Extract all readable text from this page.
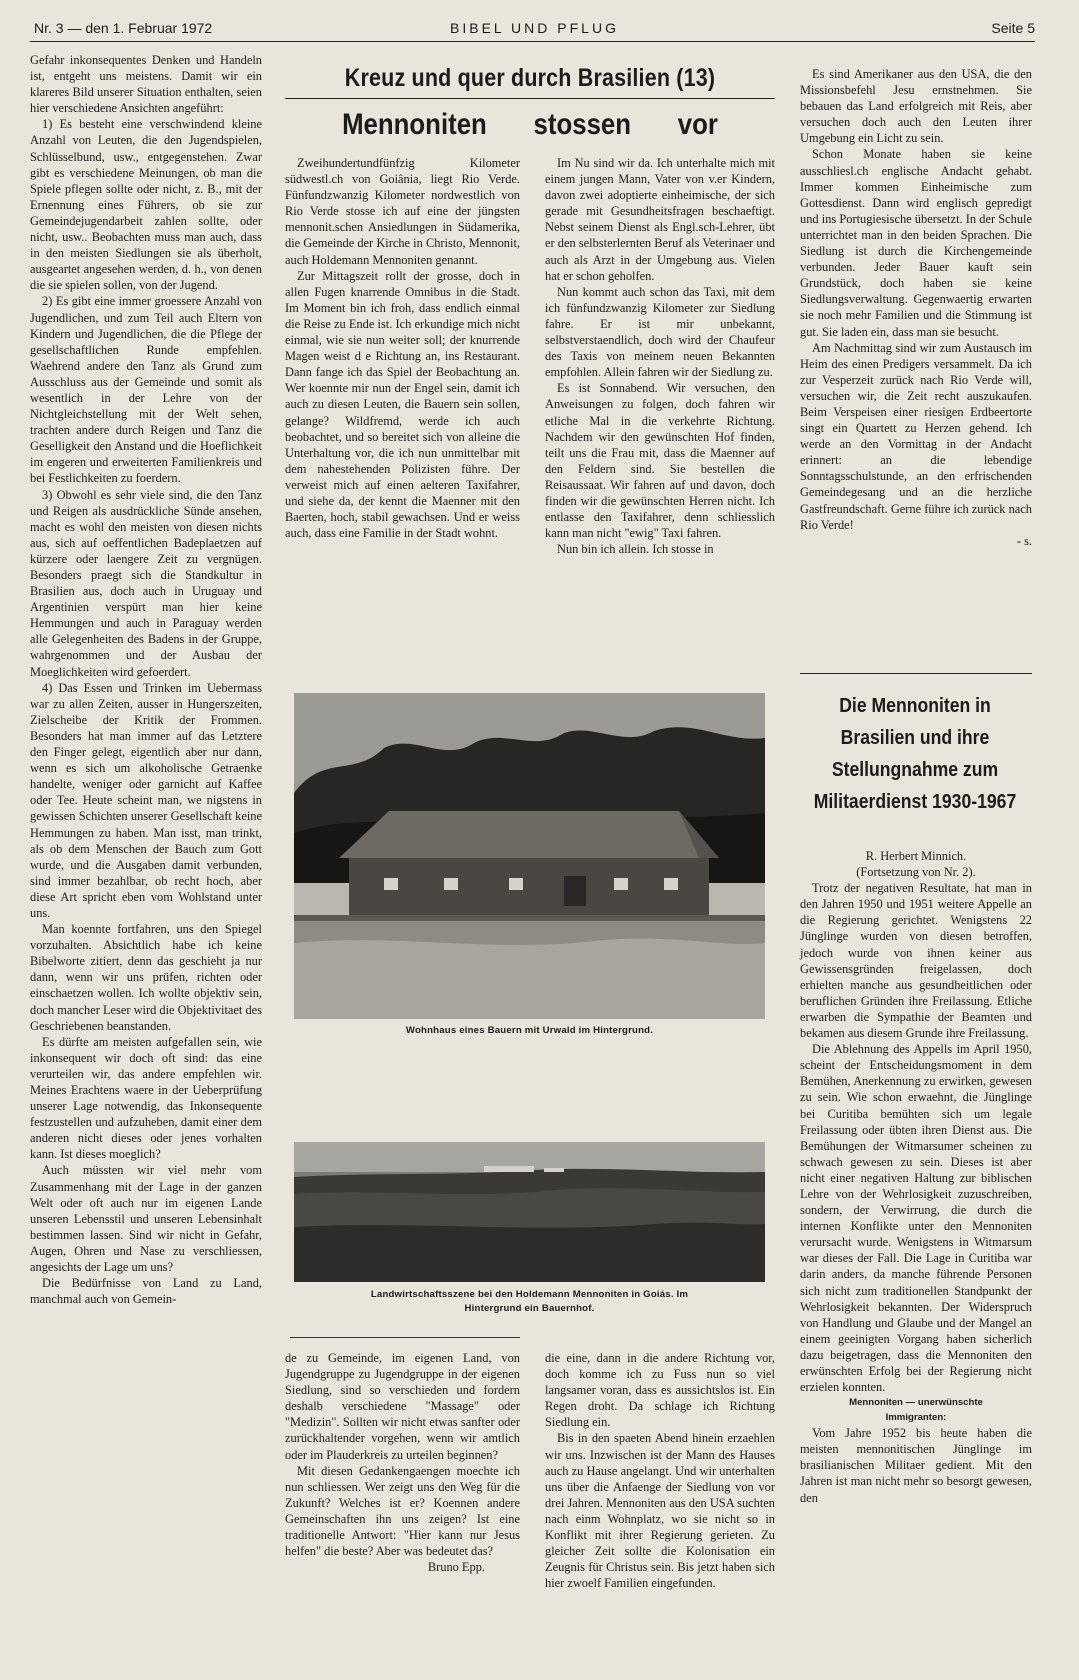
Nr. 3 — den 1. Februar 1972	BIBEL UND PFLUG	Seite 5

Gefahr inkonsequentes Denken und Handeln ist, entgeht uns meistens. Damit wir ein klareres Bild unserer Situation enthalten, seien hier verschiedene Ansichten angeführt:

1) Es besteht eine verschwindend kleine Anzahl von Leuten, die den Jugendspielen, Schlüsselbund, usw., entgegenstehen. Zwar gibt es verschiedene Meinungen, ob man die Spiele pflegen sollte oder nicht, z. B., mit der Ernennung eines Führers, ob sie zur Gemeindejugendarbeit zahlen sollte, oder nicht, usw.. Beobachten muss man auch, dass in den meisten Siedlungen sie als überholt, ausgeartet angesehen werden, d. h., von denen die sie spielen sollen, von der Jugend.

2) Es gibt eine immer groessere Anzahl von Jugendlichen, und zum Teil auch Eltern von Kindern und Jugendlichen, die die Pflege der gesellschaftlichen Runde empfehlen. Waehrend andere den Tanz als Grund zum Ausschluss aus der Gemeinde und somit als wesentlich in der Lehre von der Nichtgleichstellung mit der Welt sehen, trachten andere durch Reigen und Tanz die Geselligkeit den Anstand und die Hoeflichkeit im engeren und erweiterten Familienkreis und bei Festlichkeiten zu foerdern.

3) Obwohl es sehr viele sind, die den Tanz und Reigen als ausdrückliche Sünde ansehen, macht es wohl den meisten von diesen nichts aus, sich auf oeffentlichen Badeplaetzen auf kürzere oder laengere Zeit zu vergnügen. Besonders praegt sich die Standkultur in Brasilien aus, doch auch in Uruguay und Argentinien verspürt man hier keine Hemmungen und auch in Paraguay werden alle Gelegenheiten des Badens in der Gruppe, wahrgenommen und der Ausbau der Moeglichkeiten wird gefoerdert.

4) Das Essen und Trinken im Uebermass war zu allen Zeiten, ausser in Hungerszeiten, Zielscheibe der Kritik der Frommen. Besonders hat man immer auf das Letztere den Finger gelegt, eigentlich aber nur dann, wenn es sich um alkoholische Getraenke handelte, weniger oder garnicht auf Kaffee oder Tee. Heute scheint man, we nigstens in gewissen Schichten unserer Gesellschaft keine Hemmungen zu haben. Man isst, man trinkt, als ob dem Menschen der Bauch zum Gott wurde, und die Ausgaben damit verbunden, sind immer bezahlbar, ob recht hoch, aber diese Art spricht eben vom Wohlstand unter uns.

Man koennte fortfahren, uns den Spiegel vorzuhalten. Absichtlich habe ich keine Bibelworte zitiert, denn das geschieht ja nur dann, wenn wir uns prüfen, richten oder einschaetzen wollen. Ich wollte objektiv sein, doch mancher Leser wird die Objektivitaet des Geschriebenen beanstanden.

Es dürfte am meisten aufgefallen sein, wie inkonsequent wir doch oft sind: das eine verurteilen wir, das andere empfehlen wir. Meines Erachtens waere in der Ueberprüfung unserer Lage notwendig, das Inkonsequente festzustellen und aufzuheben, damit einer dem anderen nicht dieses oder jenes vorhalten kann. Ist dieses moeglich?

Auch müssten wir viel mehr vom Zusammenhang mit der Lage in der ganzen Welt oder oft auch nur im eigenen Lande unseren Lebensstil und unseren Lebensinhalt bestimmen lassen. Sind wir nicht in Gefahr, Augen, Ohren und Nase zu verschliessen, angesichts der Lage um uns?

Die Bedürfnisse von Land zu Land, manchmal auch von Gemein-

Kreuz und quer durch Brasilien (13)
Mennoniten stossen vor

Zweihundertundfünfzig Kilometer südwestl.ch von Goiânia, liegt Rio Verde. Fünfundzwanzig Kilometer nordwestlich von Rio Verde stosse ich auf eine der jüngsten mennonit.schen Ansiedlungen in Südamerika, die Gemeinde der Kirche in Christo, Mennonit, auch Holdemann Mennoniten genannt.

Zur Mittagszeit rollt der grosse, doch in allen Fugen knarrende Omnibus in die Stadt. Im Moment bin ich froh, dass endlich einmal die Reise zu Ende ist. Ich erkundige mich nicht einmal, wie sie nun weiter soll; der knurrende Magen weist d e Richtung an, ins Restaurant. Dann fange ich das Spiel der Beobachtung an. Wer koennte mir nun der Engel sein, damit ich auch zu diesen Leuten, die Bauern sein sollen, gelange? Wildfremd, werde ich auch beobachtet, und so bereitet sich von alleine die Unterhaltung vor, die ich nun unmittelbar mit dem nahestehenden Polizisten führe. Der verweist mich auf einen aelteren Taxifahrer, und siehe da, der kennt die Maenner mit den Baerten, hoch, stabil gewachsen. Und er weiss auch, dass eine Familie in der Stadt wohnt.

Im Nu sind wir da. Ich unterhalte mich mit einem jungen Mann, Vater von v.er Kindern, davon zwei adoptierte einheimische, der sich gerade mit Gesundheitsfragen beschaeftigt. Nebst seinem Dienst als Engl.sch-Lehrer, übt er den selbsterlernten Beruf als Veterinaer und auch als Arzt in der Umgebung aus. Vielen hat er schon geholfen.

Nun kommt auch schon das Taxi, mit dem ich fünfundzwanzig Kilometer zur Siedlung fahre. Er ist mir unbekannt, selbstverstaendlich, doch wird der Chaufeur des Taxis von meinem neuen Bekannten empfohlen. Allein fahren wir der Siedlung zu.

Es ist Sonnabend. Wir versuchen, den Anweisungen zu folgen, doch fahren wir etliche Mal in die verkehrte Richtung. Nachdem wir den gewünschten Hof finden, teilt uns die Frau mit, dass die Maenner auf den Feldern sind. Sie bestellen die Reisaussaat. Wir fahren auf und davon, doch finden wir die gewünschten Herren nicht. Ich entlasse den Taxifahrer, denn schliesslich kann man nicht "ewig" Taxi fahren.

Nun bin ich allein. Ich stosse in

Wohnhaus eines Bauern mit Urwald im Hintergrund.
Landwirtschaftsszene bei den Holdemann Mennoniten in Goiás. Im
Hintergrund ein Bauernhof.

de zu Gemeinde, im eigenen Land, von Jugendgruppe zu Jugendgruppe in der eigenen Siedlung, sind so verschieden und fordern deshalb verschiedene "Massage" oder "Medizin". Sollten wir nicht etwas sanfter oder zurückhaltender vorgehen, wenn wir amtlich oder im Plauderkreis zu urteilen beginnen?

Mit diesen Gedankengaengen moechte ich nun schliessen. Wer zeigt uns den Weg für die Zukunft? Welches ist er? Koennen andere Gemeinschaften ihn uns zeigen? Ist eine traditionelle Antwort: "Hier kann nur Jesus helfen" die beste? Aber was bedeutet das?

Bruno Epp.

die eine, dann in die andere Richtung vor, doch komme ich zu Fuss nun so viel langsamer voran, dass es aussichtslos ist. Ein Regen droht. Da schlage ich Richtung Siedlung ein.

Bis in den spaeten Abend hinein erzaehlen wir uns. Inzwischen ist der Mann des Hauses auch zu Hause angelangt. Und wir unterhalten uns über die Anfaenge der Siedlung von vor drei Jahren. Mennoniten aus den USA suchten nach einm Wohnplatz, wo sie nicht so in Konflikt mit ihrer Regierung gerieten. Zu gleicher Zeit sollte die Kolonisation ein Zeugnis für Christus sein. Bis jetzt haben sich hier zwoelf Familien eingefunden.

Es sind Amerikaner aus den USA, die den Missionsbefehl Jesu ernstnehmen. Sie bebauen das Land erfolgreich mit Reis, aber versuchen doch auch den Leuten ihrer Umgebung ein Licht zu sein.

Schon Monate haben sie keine ausschliesl.ch englische Andacht gehabt. Immer kommen Einheimische zum Gottesdienst. Dann wird englisch gepredigt und ins Portugiesische übersetzt. In der Schule unterrichtet man in den beiden Sprachen. Die Siedlung ist durch die Kirchengemeinde verbunden. Jeder Bauer kauft sein Grundstück, doch haben sie keine Siedlungsverwaltung. Gegenwaertig erwarten sie noch mehr Familien und die Stimmung ist gut. Sie laden ein, dass man sie besucht.

Am Nachmittag sind wir zum Austausch im Heim des einen Predigers versammelt. Da ich zur Vesperzeit zurück nach Rio Verde will, versuchen wir, die Zeit recht auszukaufen. Beim Verspeisen einer riesigen Erdbeertorte singt ein Quartett zu Herzen gehend. Ich werde an den Vormittag in der Andacht erinnert: an die lebendige Sonntagsschulstunde, an den erfrischenden Gemeindegesang und an die herzliche Gastfreundschaft. Gerne führe ich zurück nach Rio Verde!

- s.

Die Mennoniten in Brasilien und ihre Stellungnahme zum Militaerdienst 1930-1967

R. Herbert Minnich.

(Fortsetzung von Nr. 2).

Trotz der negativen Resultate, hat man in den Jahren 1950 und 1951 weitere Appelle an die Regierung gerichtet. Wenigstens 22 Jünglinge wurden von diesen betroffen, jedoch wurde von ihnen keiner aus Gewissensgründen freigelassen, doch erhielten manche aus gesundheitlichen oder beruflichen Gründen ihre Freilassung. Etliche erwarben die Sympathie der Beamten und bekamen aus diesem Grunde ihre Freilassung.

Die Ablehnung des Appells im April 1950, scheint der Entscheidungsmoment in dem Bemühen, Anerkennung zu erwirken, gewesen zu sein. Wie schon erwaehnt, die Jünglinge bei Curitiba bemühten sich um legale Freilassung oder übten ihren Dienst aus. Die Bemühungen der Witmarsumer scheinen zu schwach gewesen zu sein. Dieses ist aber nicht einer negativen Haltung zur biblischen Lehre von der Wehrlosigkeit zuzuschreiben, sondern, der Verwirrung, die durch die internen Konflikte unter den Mennoniten verursacht wurde. Wenigstens in Witmarsum war dieses der Fall. Die Lage in Curitiba war darin anders, da manche führende Personen sich nicht zum traditionellen Standpunkt der Wehrlosigkeit bekannten. Der Widerspruch von Handlung und Glaube und der Mangel an einem geeinigten Vorgang haben sicherlich dazu beigetragen, dass die Mennoniten den erwünschten Erfolg bei der Regierung nicht erzielen konnten.

Mennoniten — unerwünschte

Immigranten:

Vom Jahre 1952 bis heute haben die meisten mennonitischen Jünglinge im brasilianischen Militaer gedient. Mit den Jahren ist man nicht mehr so besorgt gewesen, den
